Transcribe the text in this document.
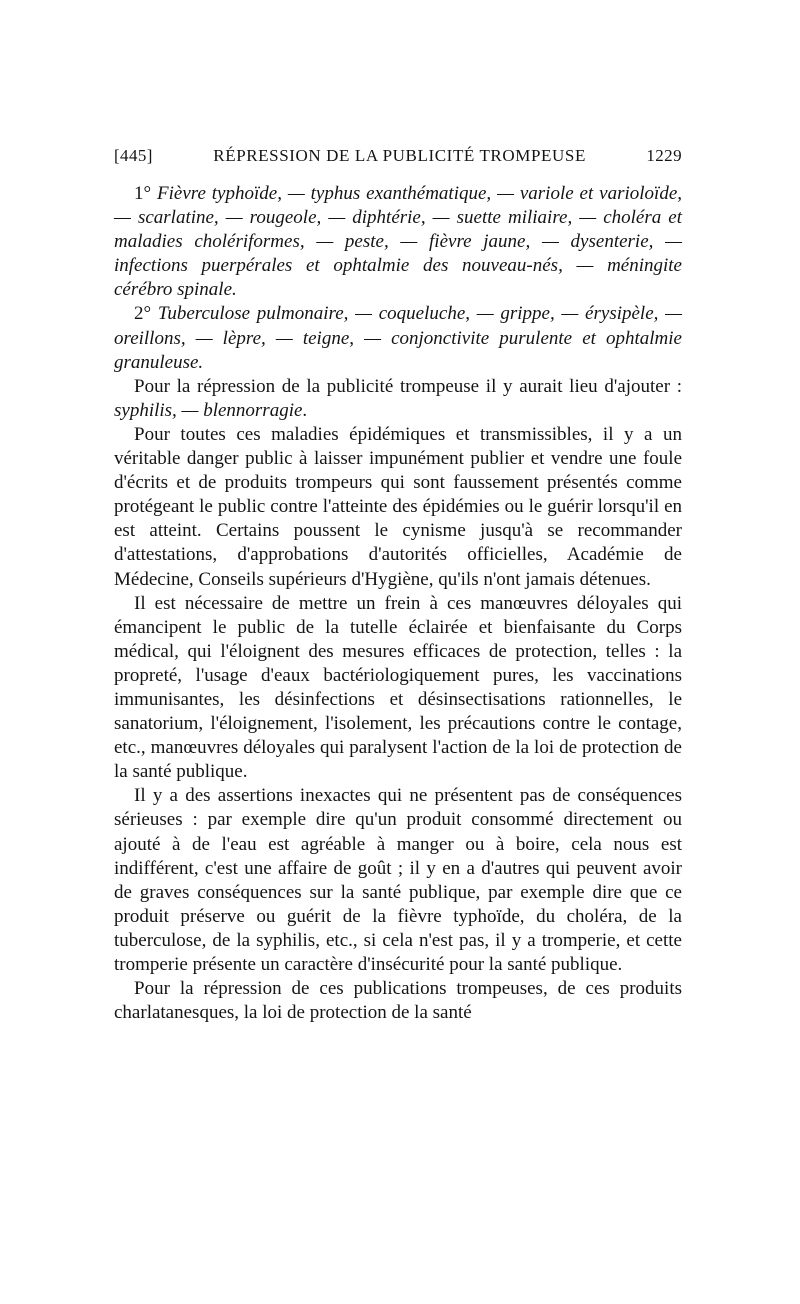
[445]	RÉPRESSION DE LA PUBLICITÉ TROMPEUSE	1229

1° Fièvre typhoïde, — typhus exanthématique, — variole et varioloïde, — scarlatine, — rougeole, — diphtérie, — suette miliaire, — choléra et maladies cholériformes, — peste, — fièvre jaune, — dysenterie, — infections puerpérales et ophtalmie des nouveau-nés, — méningite cérébro spinale.

2° Tuberculose pulmonaire, — coqueluche, — grippe, — érysipèle, — oreillons, — lèpre, — teigne, — conjonctivite purulente et ophtalmie granuleuse.

Pour la répression de la publicité trompeuse il y aurait lieu d'ajouter : syphilis, — blennorragie.

Pour toutes ces maladies épidémiques et transmissibles, il y a un véritable danger public à laisser impunément publier et vendre une foule d'écrits et de produits trompeurs qui sont faussement présentés comme protégeant le public contre l'atteinte des épidémies ou le guérir lorsqu'il en est atteint. Certains poussent le cynisme jusqu'à se recommander d'attestations, d'approbations d'autorités officielles, Académie de Médecine, Conseils supérieurs d'Hygiène, qu'ils n'ont jamais détenues.

Il est nécessaire de mettre un frein à ces manœuvres déloyales qui émancipent le public de la tutelle éclairée et bienfaisante du Corps médical, qui l'éloignent des mesures efficaces de protection, telles : la propreté, l'usage d'eaux bactériologiquement pures, les vaccinations immunisantes, les désinfections et désinsectisations rationnelles, le sanatorium, l'éloignement, l'isolement, les précautions contre le contage, etc., manœuvres déloyales qui paralysent l'action de la loi de protection de la santé publique.

Il y a des assertions inexactes qui ne présentent pas de conséquences sérieuses : par exemple dire qu'un produit consommé directement ou ajouté à de l'eau est agréable à manger ou à boire, cela nous est indifférent, c'est une affaire de goût ; il y en a d'autres qui peuvent avoir de graves conséquences sur la santé publique, par exemple dire que ce produit préserve ou guérit de la fièvre typhoïde, du choléra, de la tuberculose, de la syphilis, etc., si cela n'est pas, il y a tromperie, et cette tromperie présente un caractère d'insécurité pour la santé publique.

Pour la répression de ces publications trompeuses, de ces produits charlatanesques, la loi de protection de la santé
